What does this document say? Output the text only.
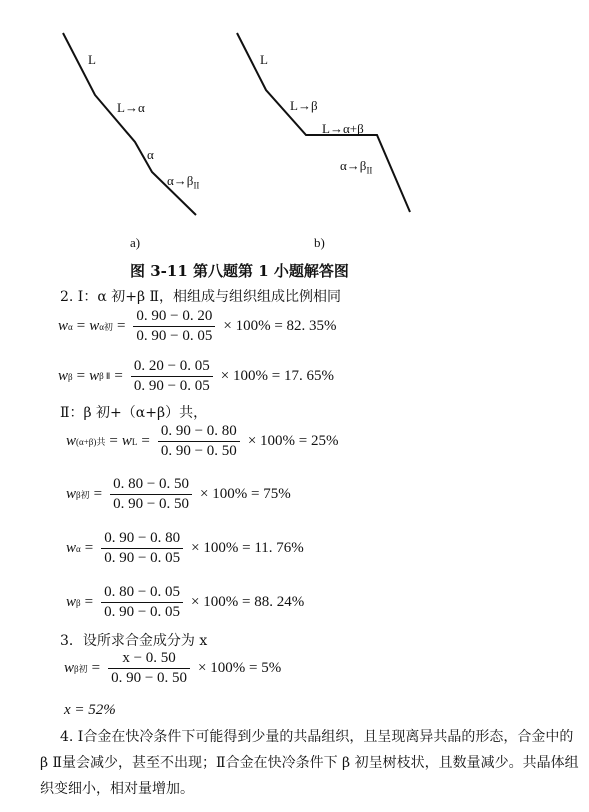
L
L→α
α
$\alpha\to\beta_{II}$
L
L→β
L→α+β
$\alpha\to\beta_{II}$
a)	b)
图 3-11 第八题第 1 小题解答图
2. Ⅰ：α 初+β Ⅱ，相组成与组织组成比例相同
w α = w α初 = $\frac{0. 90 - 0. 20}{0. 90 - 0. 05} \times 100\% = 82$. 35%
w β = w β Ⅱ = $\frac{0. 20 - 0. 05}{0. 90 - 0. 05} \times 100\% = 17$. 65%
Ⅱ：β 初+（α+β）共，
w (α+β)共 = w $L = \frac{0. 90 - 0. 80}{0. 90 - 0. 50} \times 100\% = 25\%$
w β初 = $\frac{0. 80 - 0. 50}{0. 90 - 0. 50} \times 100\% = 75\%$
w $\alpha = \frac{0. 90 - 0. 80}{0. 90 - 0. 05} \times 100\% = 11$. 76%
w $\beta = \frac{0. 80 - 0. 05}{0. 90 - 0. 05} \times 100\% = 88$. 24%
3．设所求合金成分为 x
w β初 = $\frac{x - 0. 50}{0. 90 - 0. 50} \times 100\% = 5\%$
x = 52%
4. Ⅰ合金在快冷条件下可能得到少量的共晶组织，且呈现离异共晶的形态，合金中的 β Ⅱ量会减少，甚至不出现；Ⅱ合金在快冷条件下 β 初呈树枝状，且数量减少。共晶体组织变细小，相对量增加。
